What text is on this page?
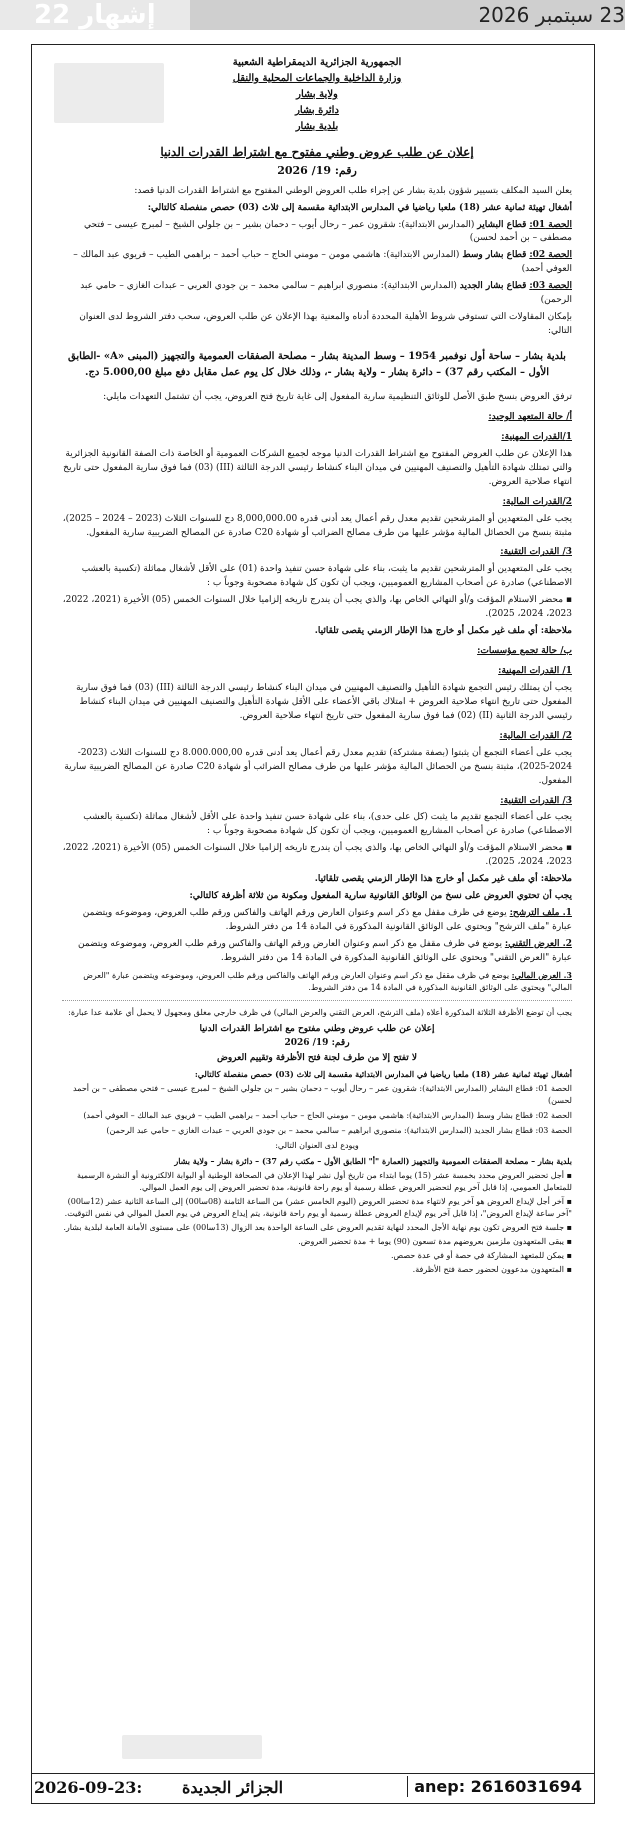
إشهار 22	23 سبتمبر 2026
الجمهورية الجزائرية الديمقراطية الشعبية
وزارة الداخلية والجماعات المحلية والنقل
ولاية بشار
دائرة بشار
بلدية بشار
إعلان عن طلب عروض وطني مفتوح مع اشتراط القدرات الدنيا
رقم: 19/ 2026

يعلن السيد المكلف بتسيير شؤون بلدية بشار عن إجراء طلب العروض الوطني المفتوح مع اشتراط القدرات الدنيا قصد:

أشغال تهيئة ثمانية عشر (18) ملعبا رياضيا في المدارس الابتدائية مقسمة إلى ثلاث (03) حصص منفصلة كالتالي:

الحصة 01: قطاع البشاير (المدارس الابتدائية): شقرون عمر – رحال أيوب – دحمان بشير – بن جلولي الشيخ – لمبرج عيسى – فتحي مصطفى – بن أحمد لحسن)

الحصة 02: قطاع بشار وسط (المدارس الابتدائية): هاشمي مومن – مومني الحاج – حباب أحمد – براهمي الطيب – فريوي عبد المالك – العوفي أحمد)

الحصة 03: قطاع بشار الجديد (المدارس الابتدائية): منصوري ابراهيم – سالمي محمد – بن جودي العربي – عبدات الغازي – حامي عبد الرحمن)

بإمكان المقاولات التي تستوفي شروط الأهلية المحددة أدناه والمعنية بهذا الإعلان عن طلب العروض، سحب دفتر الشروط لدى العنوان التالي:

بلدية بشار – ساحة أول نوفمبر 1954 – وسط المدينة بشار – مصلحة الصفقات العمومية والتجهيز (المبنى «A» -الطابق الأول – المكتب رقم 37) – دائرة بشار – ولاية بشار -، وذلك خلال كل يوم عمل مقابل دفع مبلغ 5.000,00 دج.

ترفق العروض بنسخ طبق الأصل للوثائق التنظيمية سارية المفعول إلى غاية تاريخ فتح العروض، يجب أن تشتمل التعهدات مايلي:

أ/ حالة المتعهد الوحيد:
1/القدرات المهنية:

هذا الإعلان عن طلب العروض المفتوح مع اشتراط القدرات الدنيا موجه لجميع الشركات العمومية أو الخاصة ذات الصفة القانونية الجزائرية والتي تمتلك شهادة التأهيل والتصنيف المهنيين في ميدان البناء كنشاط رئيسي الدرجة الثالثة (III) (03) فما فوق سارية المفعول حتى تاريخ انتهاء صلاحية العروض.

2/القدرات المالية:

يجب على المتعهدين أو المترشحين تقديم معدل رقم أعمال يعد أدنى قدره 8,000,000.00 دج للسنوات الثلاث (2023 – 2024 – 2025)، مثبتة بنسخ من الحصائل المالية مؤشر عليها من طرف مصالح الضرائب أو شهادة C20 صادرة عن المصالح الضريبية سارية المفعول.

3/ القدرات التقنية:

يجب على المتعهدين أو المترشحين تقديم ما يثبت، بناء على شهادة حسن تنفيذ واحدة (01) على الأقل لأشغال مماثلة (تكسية بالعشب الاصطناعي) صادرة عن أصحاب المشاريع العموميين، ويجب أن تكون كل شهادة مصحوبة وجوباً ب :

▪ محضر الاستلام المؤقت و/أو النهائي الخاص بها، والذي يجب أن يندرج تاريخه إلزاميا خلال السنوات الخمس (05) الأخيرة (2021، 2022، 2023، 2024، 2025).

ملاحظة: أي ملف غير مكمل أو خارج هذا الإطار الزمني يقصى تلقائيا.

ب/ حالة تجمع مؤسسات:
1/ القدرات المهنية:

يجب أن يمتلك رئيس التجمع شهادة التأهيل والتصنيف المهنيين في ميدان البناء كنشاط رئيسي الدرجة الثالثة (III) (03) فما فوق سارية المفعول حتى تاريخ انتهاء صلاحية العروض + امتلاك باقي الأعضاء على الأقل شهادة التأهيل والتصنيف المهنيين في ميدان البناء كنشاط رئيسي الدرجة الثانية (II) (02) فما فوق سارية المفعول حتى تاريخ انتهاء صلاحية العروض.

2/ القدرات المالية:

يجب على أعضاء التجمع أن يثبتوا (بصفة مشتركة) تقديم معدل رقم أعمال يعد أدنى قدره 8.000.000,00 دج للسنوات الثلاث (2023-2024-2025)، مثبتة بنسخ من الحصائل المالية مؤشر عليها من طرف مصالح الضرائب أو شهادة C20 صادرة عن المصالح الضريبية سارية المفعول.

3/ القدرات التقنية:

يجب على أعضاء التجمع تقديم ما يثبت (كل على حدى)، بناء على شهادة حسن تنفيذ واحدة على الأقل لأشغال مماثلة (تكسية بالعشب الاصطناعي) صادرة عن أصحاب المشاريع العموميين، ويجب أن تكون كل شهادة مصحوبة وجوباً ب :

▪ محضر الاستلام المؤقت و/أو النهائي الخاص بها، والذي يجب أن يندرج تاريخه إلزاميا خلال السنوات الخمس (05) الأخيرة (2021، 2022، 2023، 2024، 2025).

ملاحظة: أي ملف غير مكمل أو خارج هذا الإطار الزمني يقصى تلقائيا.

يجب أن تحتوي العروض على نسخ من الوثائق القانونية سارية المفعول ومكونة من ثلاثة أظرفة كالتالي:

1. ملف الترشح: يوضع في ظرف مقفل مع ذكر اسم وعنوان العارض ورقم الهاتف والفاكس ورقم طلب العروض، وموضوعه ويتضمن عبارة "ملف الترشح" ويحتوي على الوثائق القانونية المذكورة في المادة 14 من دفتر الشروط.

2. العرض التقني: يوضع في ظرف مقفل مع ذكر اسم وعنوان العارض ورقم الهاتف والفاكس ورقم طلب العروض، وموضوعه ويتضمن عبارة "العرض التقني" ويحتوي على الوثائق القانونية المذكورة في المادة 14 من دفتر الشروط.

3. العرض المالي: يوضع في ظرف مقفل مع ذكر اسم وعنوان العارض ورقم الهاتف والفاكس ورقم طلب العروض، وموضوعه ويتضمن عبارة "العرض المالي" ويحتوي على الوثائق القانونية المذكورة في المادة 14 من دفتر الشروط.

يجب أن توضع الأظرفة الثلاثة المذكورة أعلاه (ملف الترشح، العرض التقني والعرض المالي) في ظرف خارجي مغلق ومجهول لا يحمل أي علامة عدا عبارة:

إعلان عن طلب عروض وطني مفتوح مع اشتراط القدرات الدنيا
رقم: 19/ 2026
لا تفتح إلا من طرف لجنة فتح الأظرفة وتقييم العروض

أشغال تهيئة ثمانية عشر (18) ملعبا رياضيا في المدارس الابتدائية مقسمة إلى ثلاث (03) حصص منفصلة كالتالي:

الحصة 01: قطاع البشاير (المدارس الابتدائية): شقرون عمر – رحال أيوب – دحمان بشير – بن جلولي الشيخ – لمبرج عيسى – فتحي مصطفى – بن أحمد لحسن)

الحصة 02: قطاع بشار وسط (المدارس الابتدائية): هاشمي مومن – مومني الحاج – حباب أحمد – براهمي الطيب – فريوي عبد المالك – العوفي أحمد)

الحصة 03: قطاع بشار الجديد (المدارس الابتدائية): منصوري ابراهيم – سالمي محمد – بن جودي العربي – عبدات الغازي – حامي عبد الرحمن)

ويودع لدى العنوان التالي:

بلدية بشار – مصلحة الصفقات العمومية والتجهيز (العمارة "أ" الطابق الأول – مكتب رقم 37) – دائرة بشار – ولاية بشار

▪ أجل تحضير العروض محدد بخمسة عشر (15) يوما ابتداء من تاريخ أول نشر لهذا الإعلان في الصحافة الوطنية أو البوابة الالكترونية أو النشرة الرسمية للمتعامل العمومي، إذا قابل آخر يوم لتحضير العروض عطلة رسمية أو يوم راحة قانونية، مدة تحضير العروض إلى يوم العمل الموالي.
▪ آخر أجل لإيداع العروض هو آخر يوم لانتهاء مدة تحضير العروض (اليوم الخامس عشر) من الساعة الثامنة (08سا00) إلى الساعة الثانية عشر (12سا00) "آخر ساعة لإيداع العروض"، إذا قابل آخر يوم لإيداع العروض عطلة رسمية أو يوم راحة قانونية، يتم إيداع العروض في يوم العمل الموالي في نفس التوقيت.
▪ جلسة فتح العروض تكون يوم نهاية الأجل المحدد لنهاية تقديم العروض على الساعة الواحدة بعد الزوال (13سا00) على مستوى الأمانة العامة لبلدية بشار.
▪ يبقى المتعهدون ملزمين بعروضهم مدة تسعون (90) يوما + مدة تحضير العروض.
▪ يمكن للمتعهد المشاركة في حصة أو في عدة حصص.
▪ المتعهدون مدعوون لحضور حصة فتح الأظرفة.
2026-09-23: الجزائر الجديدة	anep: 2616031694
